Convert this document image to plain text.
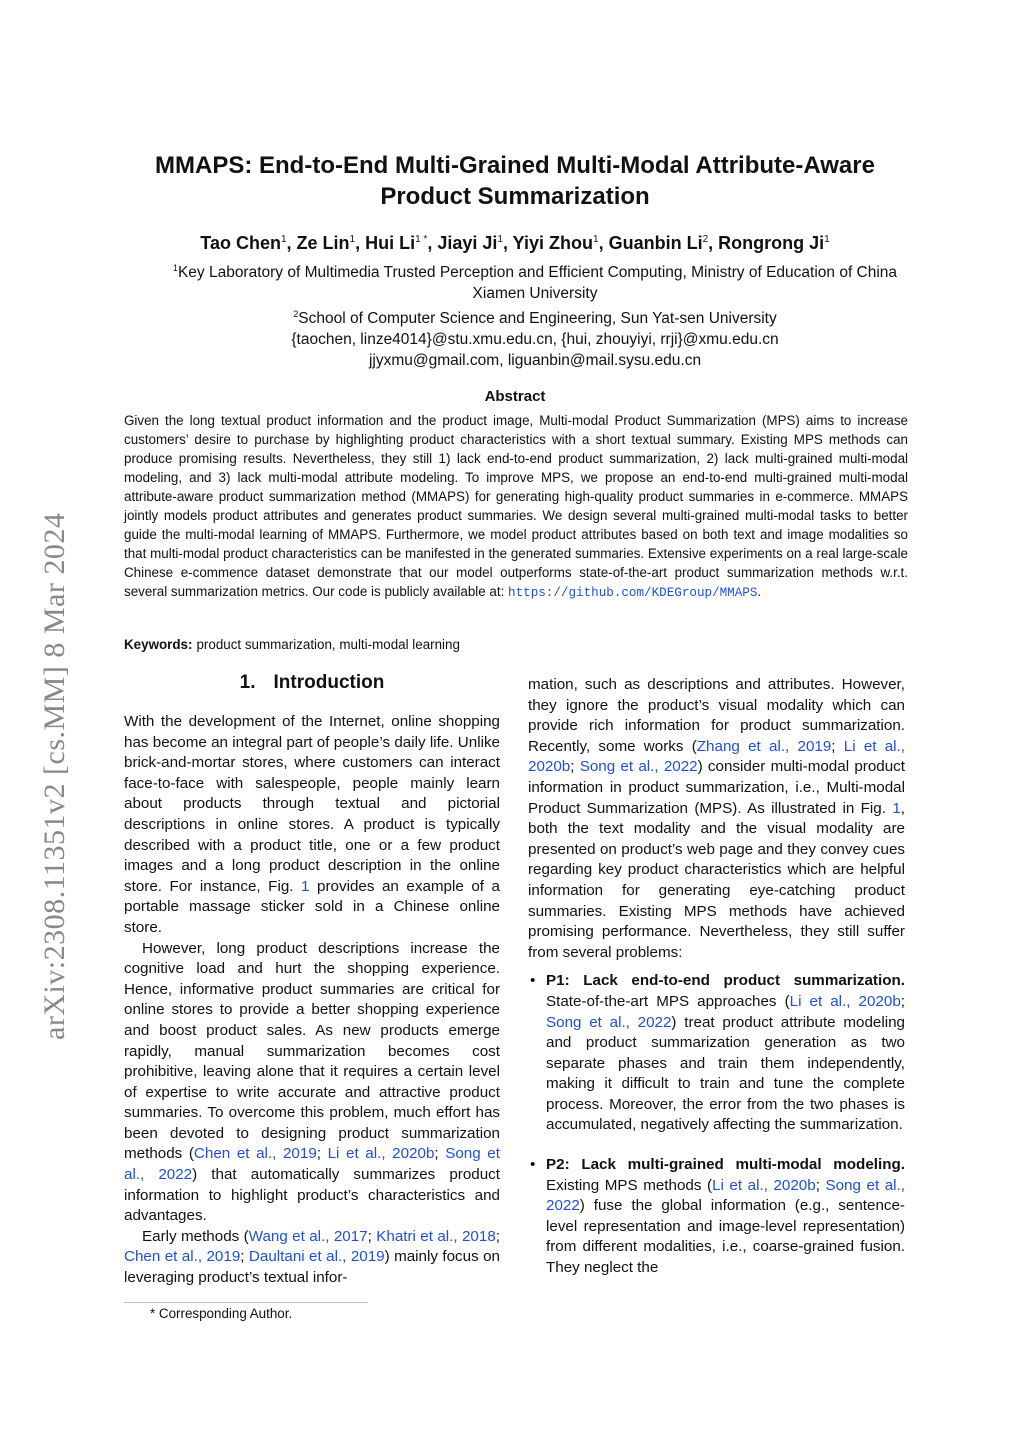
arXiv:2308.11351v2 [cs.MM] 8 Mar 2024
MMAPS: End-to-End Multi-Grained Multi-Modal Attribute-Aware Product Summarization
Tao Chen$^1$, Ze Lin$^1$, Hui $Li^{1 *}$, Jiayi Ji$^1$, Yiyi Zhou$^1$, Guanbin Li$^2$, Rongrong Ji$^1$
$^1$Key Laboratory of Multimedia Trusted Perception and Efficient Computing, Ministry of Education of China
Xiamen University
$^2$School of Computer Science and Engineering, Sun Yat-sen University
{taochen, linze4014}@stu.xmu.edu.cn, {hui, zhouyiyi, rrji}@xmu.edu.cn
jjyxmu@gmail.com, liguanbin@mail.sysu.edu.cn
Abstract
Given the long textual product information and the product image, Multi-modal Product Summarization (MPS) aims to increase customers’ desire to purchase by highlighting product characteristics with a short textual summary. Existing MPS methods can produce promising results. Nevertheless, they still 1) lack end-to-end product summarization, 2) lack multi-grained multi-modal modeling, and 3) lack multi-modal attribute modeling. To improve MPS, we propose an end-to-end multi-grained multi-modal attribute-aware product summarization method (MMAPS) for generating high-quality product summaries in e-commerce. MMAPS jointly models product attributes and generates product summaries. We design several multi-grained multi-modal tasks to better guide the multi-modal learning of MMAPS. Furthermore, we model product attributes based on both text and image modalities so that multi-modal product characteristics can be manifested in the generated summaries. Extensive experiments on a real large-scale Chinese e-commence dataset demonstrate that our model outperforms state-of-the-art product summarization methods w.r.t. several summarization metrics. Our code is publicly available at: https://github.com/KDEGroup/MMAPS.
Keywords: product summarization, multi-modal learning
1. Introduction

With the development of the Internet, online shopping has become an integral part of people’s daily life. Unlike brick-and-mortar stores, where customers can interact face-to-face with salespeople, people mainly learn about products through textual and pictorial descriptions in online stores. A product is typically described with a product title, one or a few product images and a long product description in the online store. For instance, Fig. 1 provides an example of a portable massage sticker sold in a Chinese online store.

However, long product descriptions increase the cognitive load and hurt the shopping experience. Hence, informative product summaries are critical for online stores to provide a better shopping experience and boost product sales. As new products emerge rapidly, manual summarization becomes cost prohibitive, leaving alone that it requires a certain level of expertise to write accurate and attractive product summaries. To overcome this problem, much effort has been devoted to designing product summarization methods (Chen et al., 2019; Li et al., 2020b; Song et al., 2022) that automatically summarizes product information to highlight product’s characteristics and advantages.

Early methods (Wang et al., 2017; Khatri et al., 2018; Chen et al., 2019; Daultani et al., 2019) mainly focus on leveraging product’s textual infor-

mation, such as descriptions and attributes. However, they ignore the product’s visual modality which can provide rich information for product summarization. Recently, some works (Zhang et al., 2019; Li et al., 2020b; Song et al., 2022) consider multi-modal product information in product summarization, i.e., Multi-modal Product Summarization (MPS). As illustrated in Fig. 1, both the text modality and the visual modality are presented on product’s web page and they convey cues regarding key product characteristics which are helpful information for generating eye-catching product summaries. Existing MPS methods have achieved promising performance. Nevertheless, they still suffer from several problems:

• P1: Lack end-to-end product summarization. State-of-the-art MPS approaches (Li et al., 2020b; Song et al., 2022) treat product attribute modeling and product summarization generation as two separate phases and train them independently, making it difficult to train and tune the complete process. Moreover, the error from the two phases is accumulated, negatively affecting the summarization.
• P2: Lack multi-grained multi-modal modeling. Existing MPS methods (Li et al., 2020b; Song et al., 2022) fuse the global information (e.g., sentence-level representation and image-level representation) from different modalities, i.e., coarse-grained fusion. They neglect the
* Corresponding Author.
